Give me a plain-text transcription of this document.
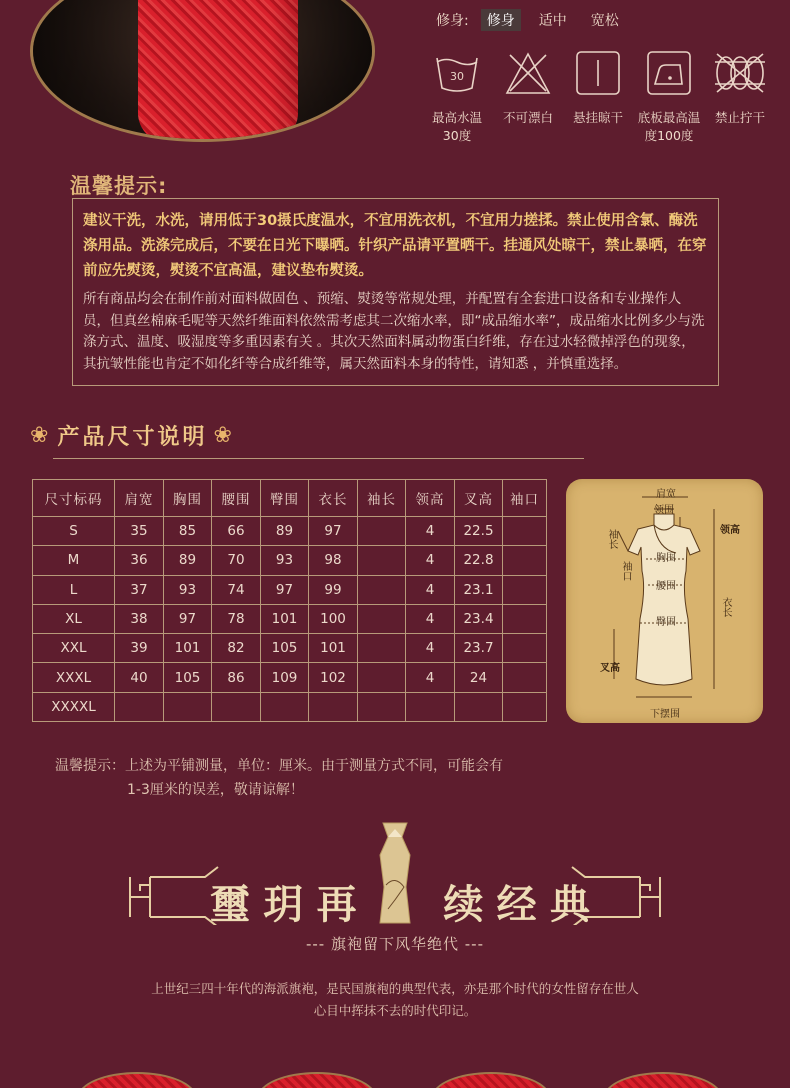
修身:	修身	适中	宽松
30
最高水温
30度
不可漂白	悬挂晾干	底板最高温
度100度
禁止拧干
温馨提示:
建议干洗，水洗，请用低于30摄氏度温水，不宜用洗衣机，不宜用力搓揉。禁止使用含氯、酶洗涤用品。洗涤完成后，不要在日光下曝晒。针织产品请平置晒干。挂通风处晾干，禁止暴晒，在穿前应先熨烫，熨烫不宜高温，建议垫布熨烫。
所有商品均会在制作前对面料做固色 、预缩、熨烫等常规处理，并配置有全套进口设备和专业操作人员，但真丝棉麻毛呢等天然纤维面料依然需考虑其二次缩水率，即“成品缩水率”，成品缩水比例多少与洗涤方式、温度、吸湿度等多重因素有关 。其次天然面料属动物蛋白纤维，存在过水轻微掉浮色的现象，其抗皱性能也肯定不如化纤等合成纤维等，属天然面料本身的特性，请知悉 ，并慎重选择。
❀ 产品尺寸说明 ❀
尺寸标码	肩宽	胸围	腰围	臀围	衣长	袖长	领高	叉高	袖口
S	35	85	66	89	97		4	22.5	
M	36	89	70	93	98		4	22.8	
L	37	93	74	97	99		4	23.1	
XL	38	97	78	101	100		4	23.4	
XXL	39	101	82	105	101		4	23.7	
XXXL	40	105	86	109	102		4	24	
XXXXL									
肩宽
领围
领高
袖长
袖口
胸围
腰围
臀围
衣长
叉高
下摆围
温馨提示：上述为平铺测量，单位：厘米。由于测量方式不同，可能会有
1-3厘米的误差，敬请谅解！
璽 玥 再 续 经 典
--- 旗袍留下风华绝代 ---
上世纪三四十年代的海派旗袍，是民国旗袍的典型代表，亦是那个时代的女性留存在世人
心目中挥抹不去的时代印记。
